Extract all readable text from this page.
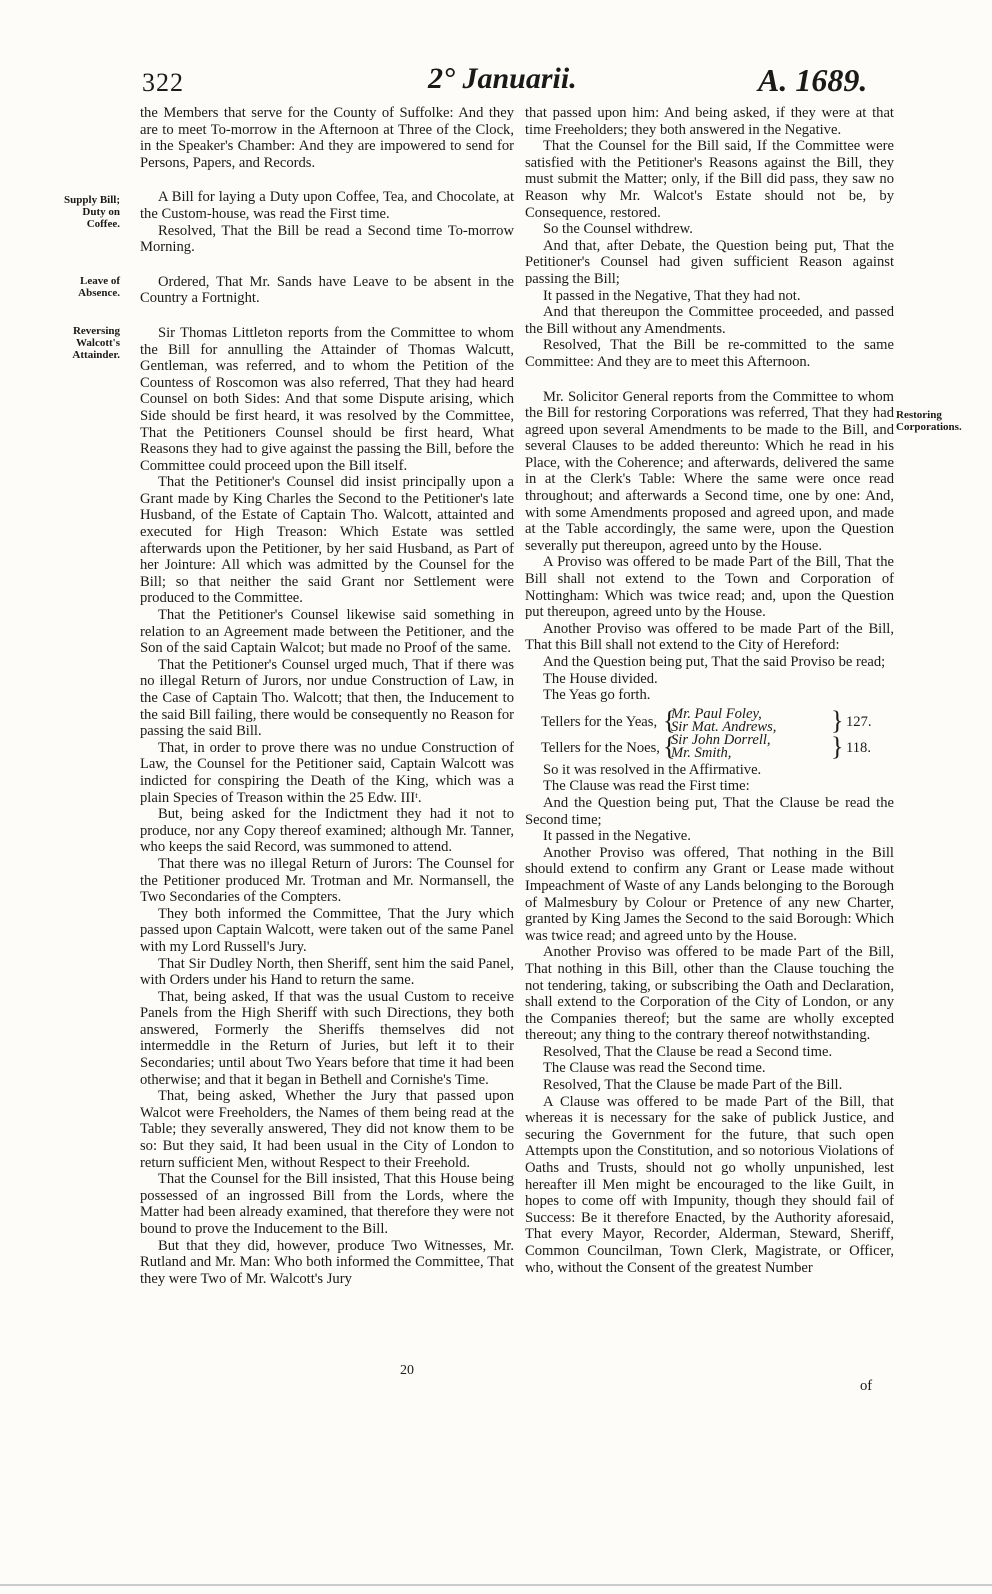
322	2° Januarii.	A. 1689.
Supply Bill; Duty on Coffee.
Leave of Absence.
Reversing Walcott's Attainder.
Restoring Corporations.

the Members that serve for the County of Suffolke: And they are to meet To-morrow in the Afternoon at Three of the Clock, in the Speaker's Chamber: And they are impowered to send for Persons, Papers, and Records.

A Bill for laying a Duty upon Coffee, Tea, and Chocolate, at the Custom-house, was read the First time.

Resolved, That the Bill be read a Second time To-morrow Morning.

Ordered, That Mr. Sands have Leave to be absent in the Country a Fortnight.

Sir Thomas Littleton reports from the Committee to whom the Bill for annulling the Attainder of Thomas Walcutt, Gentleman, was referred, and to whom the Petition of the Countess of Roscomon was also referred, That they had heard Counsel on both Sides: And that some Dispute arising, which Side should be first heard, it was resolved by the Committee, That the Petitioners Counsel should be first heard, What Reasons they had to give against the passing the Bill, before the Committee could proceed upon the Bill itself.

That the Petitioner's Counsel did insist principally upon a Grant made by King Charles the Second to the Petitioner's late Husband, of the Estate of Captain Tho. Walcott, attainted and executed for High Treason: Which Estate was settled afterwards upon the Petitioner, by her said Husband, as Part of her Jointure: All which was admitted by the Counsel for the Bill; so that neither the said Grant nor Settlement were produced to the Committee.

That the Petitioner's Counsel likewise said something in relation to an Agreement made between the Petitioner, and the Son of the said Captain Walcot; but made no Proof of the same.

That the Petitioner's Counsel urged much, That if there was no illegal Return of Jurors, nor undue Construction of Law, in the Case of Captain Tho. Walcott; that then, the Inducement to the said Bill failing, there would be consequently no Reason for passing the said Bill.

That, in order to prove there was no undue Construction of Law, the Counsel for the Petitioner said, Captain Walcott was indicted for conspiring the Death of the King, which was a plain Species of Treason within the 25 Edw. IIIᵗ.

But, being asked for the Indictment they had it not to produce, nor any Copy thereof examined; although Mr. Tanner, who keeps the said Record, was summoned to attend.

That there was no illegal Return of Jurors: The Counsel for the Petitioner produced Mr. Trotman and Mr. Normansell, the Two Secondaries of the Compters.

They both informed the Committee, That the Jury which passed upon Captain Walcott, were taken out of the same Panel with my Lord Russell's Jury.

That Sir Dudley North, then Sheriff, sent him the said Panel, with Orders under his Hand to return the same.

That, being asked, If that was the usual Custom to receive Panels from the High Sheriff with such Directions, they both answered, Formerly the Sheriffs themselves did not intermeddle in the Return of Juries, but left it to their Secondaries; until about Two Years before that time it had been otherwise; and that it began in Bethell and Cornishe's Time.

That, being asked, Whether the Jury that passed upon Walcot were Freeholders, the Names of them being read at the Table; they severally answered, They did not know them to be so: But they said, It had been usual in the City of London to return sufficient Men, without Respect to their Freehold.

That the Counsel for the Bill insisted, That this House being possessed of an ingrossed Bill from the Lords, where the Matter had been already examined, that therefore they were not bound to prove the Inducement to the Bill.

But that they did, however, produce Two Witnesses, Mr. Rutland and Mr. Man: Who both informed the Committee, That they were Two of Mr. Walcott's Jury

that passed upon him: And being asked, if they were at that time Freeholders; they both answered in the Negative.

That the Counsel for the Bill said, If the Committee were satisfied with the Petitioner's Reasons against the Bill, they must submit the Matter; only, if the Bill did pass, they saw no Reason why Mr. Walcot's Estate should not be, by Consequence, restored.

So the Counsel withdrew.

And that, after Debate, the Question being put, That the Petitioner's Counsel had given sufficient Reason against passing the Bill;

It passed in the Negative, That they had not.

And that thereupon the Committee proceeded, and passed the Bill without any Amendments.

Resolved, That the Bill be re-committed to the same Committee: And they are to meet this Afternoon.

Mr. Solicitor General reports from the Committee to whom the Bill for restoring Corporations was referred, That they had agreed upon several Amendments to be made to the Bill, and several Clauses to be added thereunto: Which he read in his Place, with the Coherence; and afterwards, delivered the same in at the Clerk's Table: Where the same were once read throughout; and afterwards a Second time, one by one: And, with some Amendments proposed and agreed upon, and made at the Table accordingly, the same were, upon the Question severally put thereupon, agreed unto by the House.

A Proviso was offered to be made Part of the Bill, That the Bill shall not extend to the Town and Corporation of Nottingham: Which was twice read; and, upon the Question put thereupon, agreed unto by the House.

Another Proviso was offered to be made Part of the Bill, That this Bill shall not extend to the City of Hereford:

And the Question being put, That the said Proviso be read;

The House divided.

The Yeas go forth.

Tellers for the Yeas, {
Mr. Paul Foley,
Sir Mat. Andrews, } 127.
Tellers for the Noes, {
Sir John Dorrell,
Mr. Smith,	} 118.

So it was resolved in the Affirmative.

The Clause was read the First time:

And the Question being put, That the Clause be read the Second time;

It passed in the Negative.

Another Proviso was offered, That nothing in the Bill should extend to confirm any Grant or Lease made without Impeachment of Waste of any Lands belonging to the Borough of Malmesbury by Colour or Pretence of any new Charter, granted by King James the Second to the said Borough: Which was twice read; and agreed unto by the House.

Another Proviso was offered to be made Part of the Bill, That nothing in this Bill, other than the Clause touching the not tendering, taking, or subscribing the Oath and Declaration, shall extend to the Corporation of the City of London, or any the Companies thereof; but the same are wholly excepted thereout; any thing to the contrary thereof notwithstanding.

Resolved, That the Clause be read a Second time.

The Clause was read the Second time.

Resolved, That the Clause be made Part of the Bill.

A Clause was offered to be made Part of the Bill, that whereas it is necessary for the sake of publick Justice, and securing the Government for the future, that such open Attempts upon the Constitution, and so notorious Violations of Oaths and Trusts, should not go wholly unpunished, lest hereafter ill Men might be encouraged to the like Guilt, in hopes to come off with Impunity, though they should fail of Success: Be it therefore Enacted, by the Authority aforesaid, That every Mayor, Recorder, Alderman, Steward, Sheriff, Common Councilman, Town Clerk, Magistrate, or Officer, who, without the Consent of the greatest Number

20
of
